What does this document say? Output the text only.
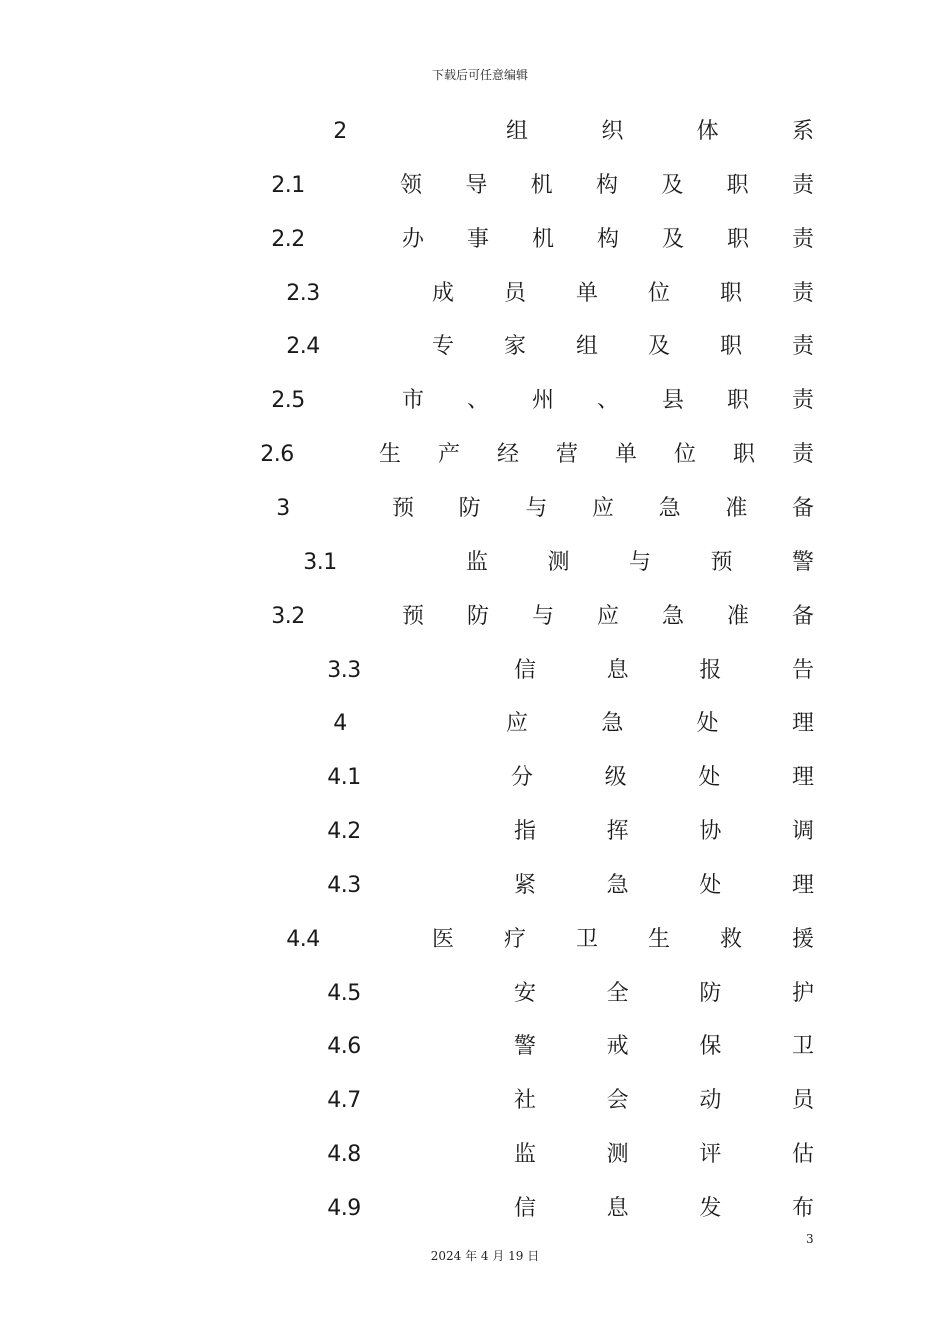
下载后可任意编辑
2	组	织	体	系
2.1	领 导 机 构 及 职 责
2.2	办 事 机 构 及 职 责
2.3	成 员 单 位 职 责
2.4	专 家 组 及 职 责
2.5	市 、 州 、 县 职 责
2.6	生 产 经 营 单 位 职 责
3	预 防 与 应 急 准 备
3.1	监	测	与	预	警
3.2	预 防 与 应 急 准 备
3.3	信	息	报	告
4	应	急	处	理
4.1	分	级	处	理
4.2	指	挥	协	调
4.3	紧	急	处	理
4.4	医 疗 卫 生 救 援
4.5	安	全	防	护
4.6	警	戒	保	卫
4.7	社	会	动	员
4.8	监	测	评	估
4.9	信	息	发	布
3
2024 年 4 月 19 日
